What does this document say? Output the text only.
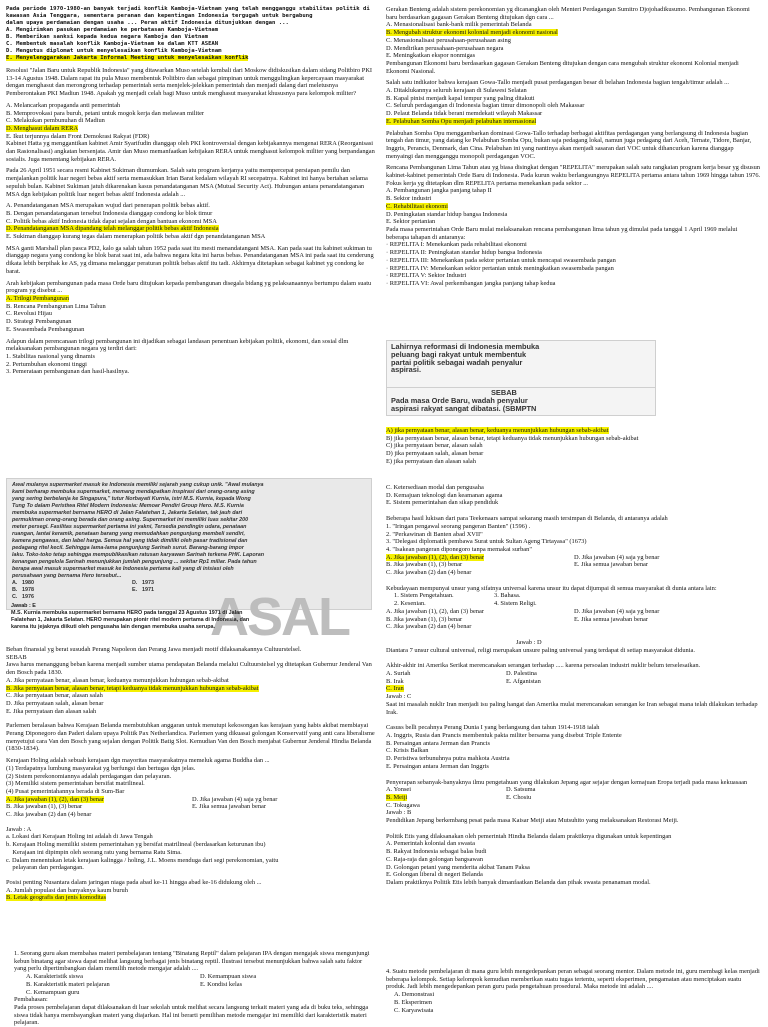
Pada periode 1970-1980-an banyak terjadi konflik Kamboja-Vietnam yang telah mengganggu stabilitas politik di
kawasan Asia Tenggara, sementara peranan dan kepentingan Indonesia tergugah untuk bergabung
dalam upaya perdamaian dengan usaha ... Peran aktif Indonesia ditunjukkan dengan ...
A. Mengirimkan pasukan perdamaian ke perbatasan Kamboja-Vietnam
B. Memberikan sanksi kepada kedua negara Kamboja dan Vietnam
C. Membentuk masalah konflik Kamboja-Vietnam ke dalam KTT ASEAN
D. Mengutus diplomat untuk menyelesaikan konflik Kamboja-Vietnam
E. Menyelenggarakan Jakarta Informal Meeting untuk menyelesaikan konflik

Resolusi "Jalan Baru untuk Republik Indonesia" yang ditawarkan Muso setelah kembali dari Moskow didiskusikan dalam sidang Politbiro PKI 13-14 Agustus 1948. Dalam rapat itu pula Muso membentuk Politbiro dan sebagai pimpinan untuk menggulingkan kepercayaan masyarakat dengan menghasut dan merongrong terhadap pemerintah serta menjelek-jelekkan pemerintah dan menjadi dalang dari meletusnya Pemberontakan PKI Madiun 1948. Apakah yg menjadi celah bagi Muso untuk menghasut masyarakat khususnya para kelompok militer?

A. Melancarkan propaganda anti pemerintah
B. Memprovokasi para buruh, petani untuk mogok kerja dan melawan militer
C. Melakukan pembunuhan di Madiun
D. Menghasut dalam RERA
E. Ikut terjunnya dalam Front Demokrasi Rakyat (FDR)

Kabinet Hatta yg menggantikan kabinet Amir Syarifudin dianggap oleh PKI kontroversial dengan kebijakannya mengenai RERA (Reorganisasi dan Rasionalisasi) angkatan bersenjata. Amir dan Muso memanfaatkan kebijakan RERA untuk menghasut kelompok militer yang berpandangan sosialis. Juga menentang kebijakan RERA.

Pada 26 April 1951 secara resmi Kabinet Sukiman diumumkan. Salah satu program kerjanya yaitu mempercepat persiapan pemilu dan menjalankan politik luar negeri bebas aktif serta memasukkan Irian Barat kedalam wilayah RI secepatnya. Kabinet ini hanya bertahan selama sepuluh bulan. Kabinet Sukiman jatuh dikarenakan kasus penandatanganan MSA (Mutual Security Act). Hubungan antara penandatanganan MSA dgn kebijakan politik luar negeri bebas aktif Indonesia adalah ...

A. Penandatanganan MSA merupakan wujud dari penerapan politik bebas aktif.
B. Dengan penandatanganan tersebut Indonesia dianggap condong ke blok timur
C. Politik bebas aktif Indonesia tidak dapat sejalan dengan bantuan ekonomi MSA
D. Penandatanganan MSA dipandang telah melanggar politik bebas aktif Indonesia
E. Sukiman dianggap kurang tegas dalam menerapkan politik bebas aktif dgn penandatanganan MSA

MSA ganti Marshall plan pasca PD2, kalo ga salah tahun 1952 pada saat itu mesti menandatangani MSA. Kan pada saat itu kabinet sukiman tu dianggap negara yang condong ke blok barat saat ini, ada bahwa negara kita ini harus bebas. Penandatanganan MSA ini pada saat itu cenderung dikata lebih berpihak ke AS, yg dimana melanggar peraturan politik bebas aktif itu tadi. Akhirnya ditetapkan sebagai kabinet yg condong ke barat.

Arah kebijakan pembangunan pada masa Orde baru ditujukan kepada pembangunan disegala bidang yg pelaksanaannya bertumpu dalam suatu program yg disebut ...

A. Trilogi Pembangunan
B. Rencana Pembangunan Lima Tahun
C. Revolusi Hijau
D. Strategi Pembangunan
E. Swasembada Pembangunan

Adapun dalam perencanaan trilogi pembangunan ini dijadikan sebagai landasan penentuan kebijakan politik, ekonomi, dan sosial dlm melaksanakan pembangunan negara yg terdiri dari:

1. Stabilitas nasional yang dinamis
2. Pertumbuhan ekonomi tinggi
3. Pemerataan pembangunan dan hasil-hasilnya.

Gerakan Benteng adalah sistem perekonomian yg dicanangkan oleh Menteri Perdagangan Sumitro Djojohadikusumo. Pembangunan Ekonomi baru berdasarkan gagasan Gerakan Benteng ditujukan dgn cara ...

A. Menasionalisasi bank-bank milik pemerintah Belanda
B. Mengubah struktur ekonomi kolonial menjadi ekonomi nasional
C. Menasionalisasi perusahaan-perusahaan asing
D. Mendirikan perusahaan-perusahaan negara
E. Meningkatkan ekspor nonmigas

Pembangunan Ekonomi baru berdasarkan gagasan Gerakan Benteng ditujukan dengan cara mengubah struktur ekonomi Kolonial menjadi Ekonomi Nasional.

Salah satu indikator bahwa kerajaan Gowa-Tallo menjadi pusat perdagangan besar di belahan Indonesia bagian tengah/timur adalah ...

A. Ditaklukannya seluruh kerajaan di Sulawesi Selatan
B. Kapal pinisi menjadi kapal tempur yang paling ditakuti
C. Seluruh perdagangan di Indonesia bagian timur dimonopoli oleh Makassar
D. Pelaut Belanda tidak berani memdekati wilayah Makassar
E. Pelabuhan Somba Opu menjadi pelabuhan internasional

Pelabuhan Somba Opu menggambarkan dominasi Gowa-Tallo terhadap berbagai aktifitas perdagangan yang berlangsung di Indonesia bagian tengah dan timur, yang datang ke Pelabuhan Somba Opu, bukan saja pedagang lokal, namun juga pedagang dari Aceh, Ternate, Tidore, Banjar, Inggris, Perancis, Denmark, dan Cina. Pelabuhan ini yang nantinya akan menjadi sasaran dari VOC untuk dihancurkan karena dianggap menyaingi dan mengganggu monopoli perdagangan VOC.

Rencana Pembangunan Lima Tahun atau yg biasa disingkat dengan "REPELITA" merupakan salah satu rangkaian program kerja besar yg disusun kabinet-kabinet pemerintah Orde Baru di Indonesia. Pada kurun waktu berlangsungnya REPELITA pertama antara tahun 1969 hingga tahun 1976. Fokus kerja yg ditetapkan dlm REPELITA pertama menekankan pada sektor ...

A. Pembangunan jangka panjang tahap II
B. Sektor industri
C. Rehabilitasi ekonomi
D. Peningkatan standar hidup bangsa Indonesia
E. Sektor pertanian

Pada masa pemerintahan Orde Baru mulai melaksanakan rencana pembangunan lima tahun yg dimulai pada tanggal 1 April 1969 melalui beberapa tahapan di antaranya:

· REPELITA I: Menekankan pada rehabilitasi ekonomi
· REPELITA II: Peningkatan standar hidup bangsa Indonesia
· REPELITA III: Menekankan pada sektor pertanian untuk mencapai swasembada pangan
· REPELITA IV: Menekankan sektor pertanian untuk meningkatkan swasembada pangan
· REPELITA V: Sektor Industri
· REPELITA VI: Awal perkembangan jangka panjang tahap kedua
Lahirnya reformasi di Indonesia membuka
peluang bagi rakyat untuk membentuk
partai politik sebagai wadah penyalur
aspirasi.
SEBAB
Pada masa Orde Baru, wadah penyalur
aspirasi rakyat sangat dibatasi. (SBMPTN
A) jika pernyataan benar, alasan benar, keduanya menunjukkan hubungan sebab-akibat
B) jika pernyataan benar, alasan benar, tetapi keduanya tidak menunjukkan hubungan sebab-akibat
C) jika pernyataan benar, alasan salah
D) jika pernyataan salah, alasan benar
E) jika pernyataan dan alasan salah
Awal mulanya supermarket masuk ke Indonesia memiliki sejarah yang cukup unik. "Awal mulanya
kami berharap membuka supermarket, memang mendapatkan inspirasi dari orang-orang asing
yang sering berbelanja ke Singapura," tutur Norbayati Kurnia, istri M.S. Kurnia, kepada Wong
Tung To dalam Peristiwa Ritel Modern Indonesia: Memoar Pendiri Group Hero. M.S. Kurnia
membuka supermarket bernama HERO di Jalan Falatehan 1, Jakarta Selatan, tak jauh dari
permukiman orang-orang berada dan orang asing. Supermarket ini memiliki luas sekitar 200
meter persegi. Fasilitas supermarket pertama ini yakni, Tersedia pendingin udara, penataan
ruangan, lantai keramik, penataan barang yang memudahkan pengunjung membeli sendiri,
kamera pengawas, dan label harga. Semua hal yang tidak dimiliki oleh pasar tradisional dan
pedagang ritel kecil. Sehingga lama-lama pengunjung Sarinah surut. Barang-barang impor
laku. Toko-toko tetap sehingga mempublikasikan ratusan karyawan Sarinah terkena PHK. Laporan
kenangan pengelola Sarinah menunjukkan jumlah pengunjung ... sekitar Rp1 miliar. Pada tahun
berapa awal masuk supermarket masuk ke Indonesia pertama kali yang di inisiasi oleh
perusahaan yang bernama Hero tersebut...
A. 1980	D. 1973
B. 1978	E. 1971
C. 1976	ASAL
Jawab : E
M.S. Kurnia membuka supermarket bernama HERO pada tanggal 23 Agustus 1971 di Jalan
Falatehan 1, Jakarta Selatan. HERO merupakan pionir ritel modern pertama di Indonesia, dan
karena itu jejaknya diikuti oleh pengusaha lain dengan membuka usaha serupa.
Beban finansial yg berat susudah Perang Napoleon dan Perang Jawa menjadi motif dilaksanakannya Cultuurstelsel.
SEBAB
Jawa harus menanggung beban karena menjadi sumber utama pendapatan Belanda melalui Cultuurstelsel yg ditetapkan Gubernur Jenderal Van den Bosch pada 1830.
A. Jika pernyataan benar, alasan benar, keduanya menunjukkan hubungan sebab-akibat
B. Jika pernyataan benar, alasan benar, tetapi keduanya tidak menunjukkan hubungan sebab-akibat
C. Jika pernyataan benar, alasan salah
D. Jika pernyataan salah, alasan benar
E. Jika pernyataan dan alasan salah

Parlemen beralasan bahwa Kerajaan Belanda membutuhkan anggaran untuk menutupi kekosongan kas kerajaan yang habis akibat membiayai Perang Diponegoro dan Paderi dalam upaya Politik Pax Netherlandica. Parlemen yang dikuasai golongan Konservatif yang anti cara liberalisme menyetujui cara Van den Bosch yang sejalan dengan Politik Batig Slot. Kemudian Van den Bosch menjabat Gubernur Jenderal Hindia Belanda (1830-1834).

Kerajaan Holing adalah sebuah kerajaan dgn mayoritas masyarakatnya memeluk agama Buddha dan ...
(1) Terdapatnya lumbung masyarakat yg berfungsi dan bertugas dgn jelas.
(2) Sistem perekonomiannya adalah perdagangan dan pelayaran.
(3) Memiliki sistem pemerintahan bersifat matrilineal.
(4) Pusat pemerintahannya berada di Sum-Bar
A. Jika jawaban (1), (2), dan (3) benar	D. Jika jawaban (4) saja yg benar
B. Jika jawaban (1), (3) benar	E. Jika semua jawaban benar
C. Jika jawaban (2) dan (4) benar
Jawab : A
a. Lokasi dari Kerajaan Holing ini adalah di Jawa Tengah
b. Kerajaan Holing memiliki sistem pemerintahan yg bersifat matrilineal (berdasarkan keturunan ibu)
Kerajaan ini dipimpin oleh seorang ratu yang bernama Ratu Sima.
c. Dalam menentukan letak kerajaan kalingga / holing, J.L. Moens menduga dari segi perekonomian, yaitu
pelayaran dan perdagangan.
Posisi penting Nusantara dalam jaringan niaga pada abad ke-11 hingga abad ke-16 didukung oleh ...
A. Jumlah populasi dan banyaknya kaum buruh
B. Letak geografis dan jenis komoditas
C. Ketersediaan modal dan pengusaha
D. Kemajuan teknologi dan keamanan agama
E. Sistem pemerintahan dan sikap pendiduk
Beberapa hasil lukisan dari para Teekenaars sampai sekarang masih tersimpan di Belanda, di antaranya adalah
1. "Iringan pengawal seorang pangeran Banten" (1596) .
2. "Perkawinan di Banten abad XVII"
3. "Delegasi diplomatik pembawa Surat untuk Sultan Ageng Tirtayasa" (1673)
4. "Isakean pangeran diponegoro tanpa memakai surban"
A. Jika jawaban (1), (2), dan (3) benar	D. Jika jawaban (4) saja yg benar
B. Jika jawaban (1), (3) benar	E. Jika semua jawaban benar
C. Jika jawaban (2) dan (4) benar
Kebudayaan mempunyai unsur yang sifatnya universal karena unsur itu dapat dijumpai di semua masyarakat di dunia antara lain:
1. Sistem Pengetahuan.	3. Bahasa.
2. Kesenian.	4. Sistem Religi.
A. Jika jawaban (1), (2), dan (3) benar	D. Jika jawaban (4) saja yg benar
B. Jika jawaban (1), (3) benar	E. Jika semua jawaban benar
C. Jika jawaban (2) dan (4) benar
Jawab : D
Diantara 7 unsur cultural universal, religi merupakan unsure paling universal yang terdapat di setiap masyarakat didunia.
Akhir-akhir ini Amerika Serikat merencanakan serangan terhadap ..... karena persoalan industri nuklir belum terselesaikan.
A. Suriah	D. Palestina
B. Irak	E. Afganistan
C. Iran
Jawab : C
Saat ini masalah nuklir Iran menjadi isu paling hangat dan Amerika mulai merencanakan serangan ke Iran sebagai mana telah dilakukan terhadap Irak.
Casuss belli pecahnya Perang Dunia I yang berlangsung dan tahun 1914-1918 ialah
A. Inggris, Rusia dan Prancis membentuk pakta militer bersama yang disebut Triple Entente
B. Persaingan antara Jerman dan Prancis
C. Krisis Balkan
D. Peristiwa terbunuhnya putra mahkota Austria
E. Persaingan antara Jerman dan Inggris
Penyerapan sebanyak-banyaknya ilmu pengetahuan yang dilakukan Jepang agar sejajar dengan kemajuan Eropa terjadi pada masa kekuasaan
A. Yonsei	D. Satsuma
B. Meiji	E. Chosiu
C. Tokugawa
Jawab : B
Pendidikan Jepang berkembang pesat pada masa Kaisar Meiji atau Mutsuhito yang melaksanakan Restorasi Meiji.
Politik Etis yang dilaksanakan oleh pemerintah Hindia Belanda dalam praktiknya digunakan untuk kepentingan
A. Pemerintah kolonial dan swasta
B. Rakyat Indonesia sebagai balas budi
C. Raja-raja dan golongan bangsawan
D. Golongan petani yang menderita akibat Tanam Paksa
E. Golongan liberal di negeri Belanda
Dalam praktiknya Politik Etis lebih banyak dimanfaatkan Belanda dan pihak swasta penanaman modal.
1. Seorang guru akan membahas materi pembelajaran tentang "Binatang Reptil" dalam pelajaran IPA dengan mengajak siswa mengunjungi kebun binatang agar siswa dapat melihat langsung berbagai jenis binatang reptil. Ilustrasi tersebut menunjukkan bahwa salah satu faktor yang perlu dipertimbangkan dalam memilih metode mengajar adalah ....
A. Karakteristik siswa	D. Kemampuan siswa
B. Karakteristik materi pelajaran	E. Kondisi kelas
C. Kemampuan guru
Pembahasan:
Pada proses pembelajaran dapat dilaksanakan di luar sekolah untuk melihat secara langsung terkait materi yang ada di buku teks, sehingga siswa tidak hanya membayangkan materi yang diajarkan. Hal ini berarti pemilihan metode mengajar ini memiliki dari karakteristik materi pelajaran.
4. Suatu metode pembelajaran di mana guru lebih mengedepankan peran sebagai seorang mentor. Dalam metode ini, guru membagi kelas menjadi beberapa kelompok. Setiap kelompok kemudian memberikan suatu tugas tertentu, seperti eksperimen, pengamatan atau menciptakan suatu produk. Jadi lebih mengedepankan peran guru pada pengetahuan prosedural. Maka metode ini adalah ....
A. Demonstrasi
B. Eksperimen
C. Karyawisata
